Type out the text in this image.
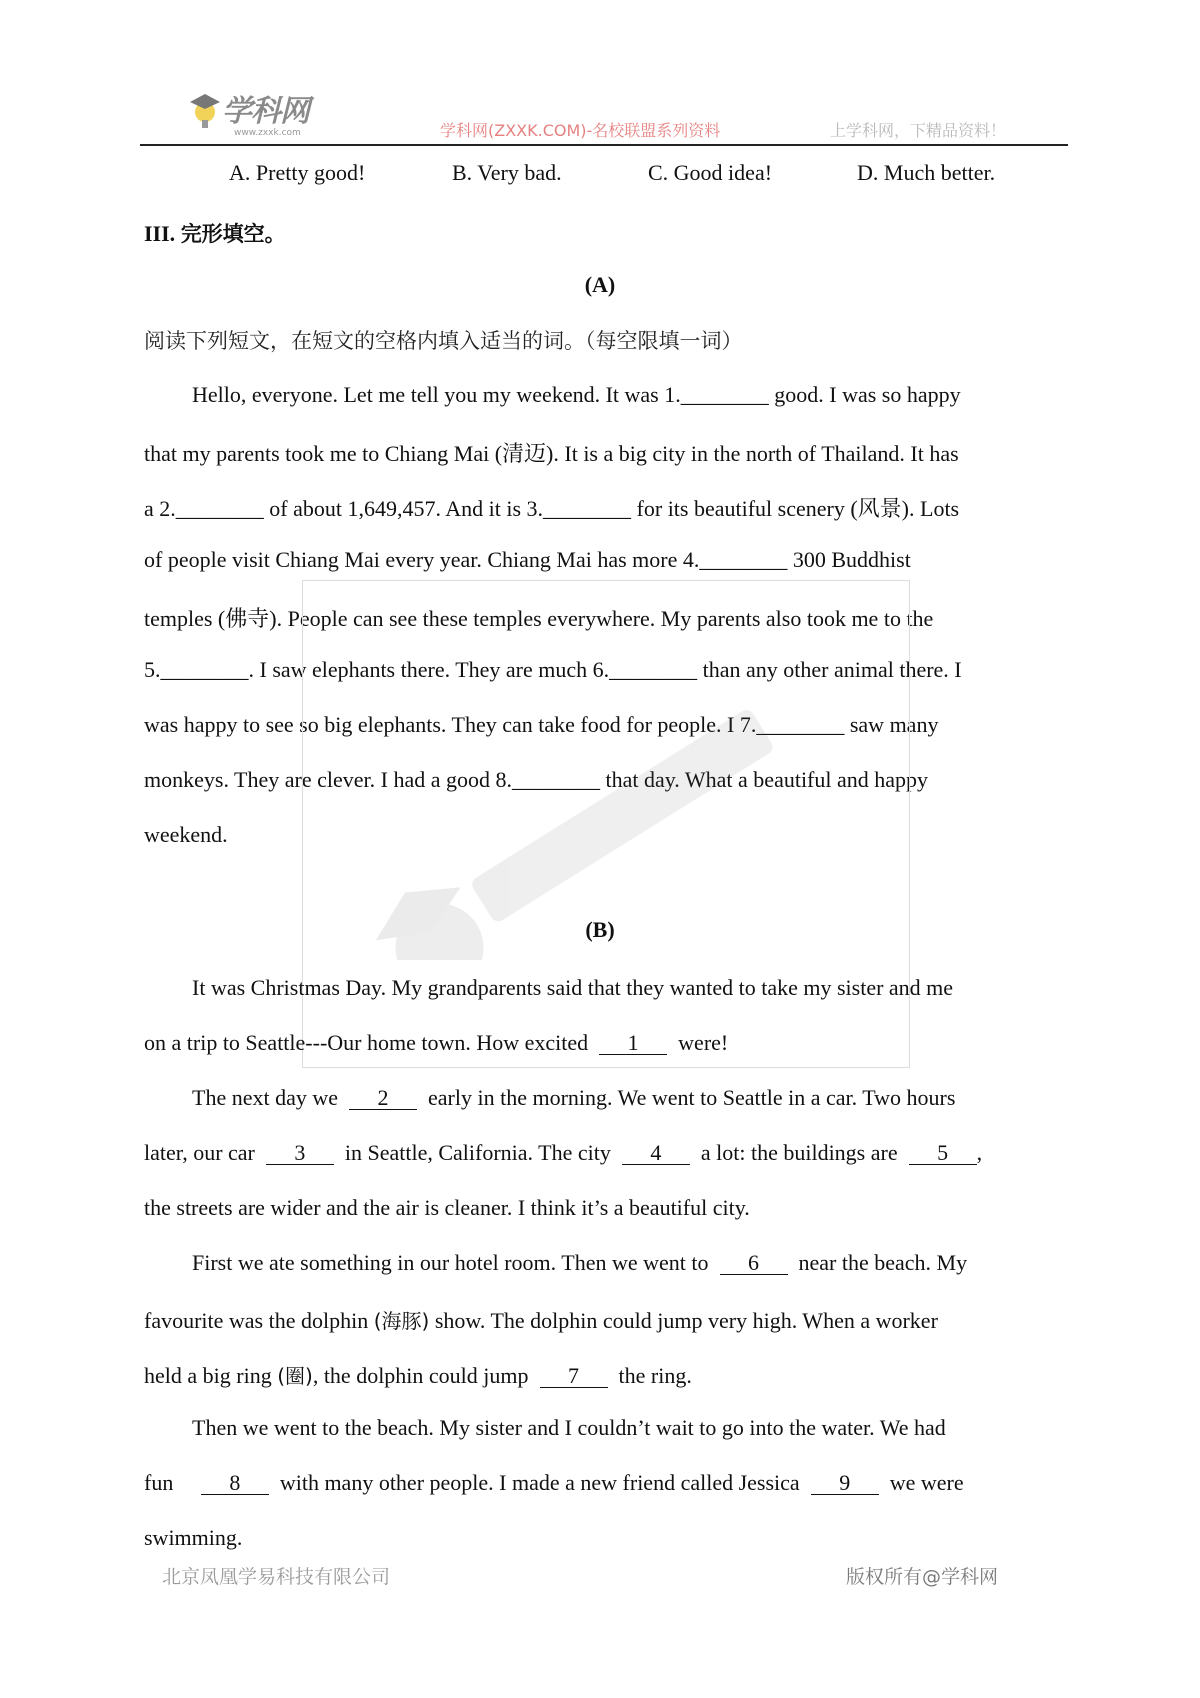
学科网
www.zxxk.com	学科网(ZXXK.COM)-名校联盟系列资料	上学科网，下精品资料！
A. Pretty good!	B. Very bad.	C. Good idea!	D. Much better.
III. 完形填空。
(A)
阅读下列短文，在短文的空格内填入适当的词。（每空限填一词）
Hello, everyone. Let me tell you my weekend. It was 1.________ good. I was so happy
that my parents took me to Chiang Mai (清迈). It is a big city in the north of Thailand. It has
a 2.________ of about 1,649,457. And it is 3.________ for its beautiful scenery (风景). Lots
of people visit Chiang Mai every year. Chiang Mai has more 4.________ 300 Buddhist
temples (佛寺). People can see these temples everywhere. My parents also took me to the
5.________. I saw elephants there. They are much 6.________ than any other animal there. I
was happy to see so big elephants. They can take food for people. I 7.________ saw many
monkeys. They are clever. I had a good 8.________ that day. What a beautiful and happy
weekend.
(B)
It was Christmas Day. My grandparents said that they wanted to take my sister and me
on a trip to Seattle---Our home town. How excited 1 were!
The next day we 2 early in the morning. We went to Seattle in a car. Two hours
later, our car 3 in Seattle, California. The city 4 a lot: the buildings are 5 ,
the streets are wider and the air is cleaner. I think it’s a beautiful city.
First we ate something in our hotel room. Then we went to 6 near the beach. My
favourite was the dolphin (海豚) show. The dolphin could jump very high. When a worker
held a big ring (圈), the dolphin could jump 7 the ring.
Then we went to the beach. My sister and I couldn’t wait to go into the water. We had
fun	8 with many other people. I made a new friend called Jessica 9 we were
swimming.
北京凤凰学易科技有限公司	版权所有@学科网
